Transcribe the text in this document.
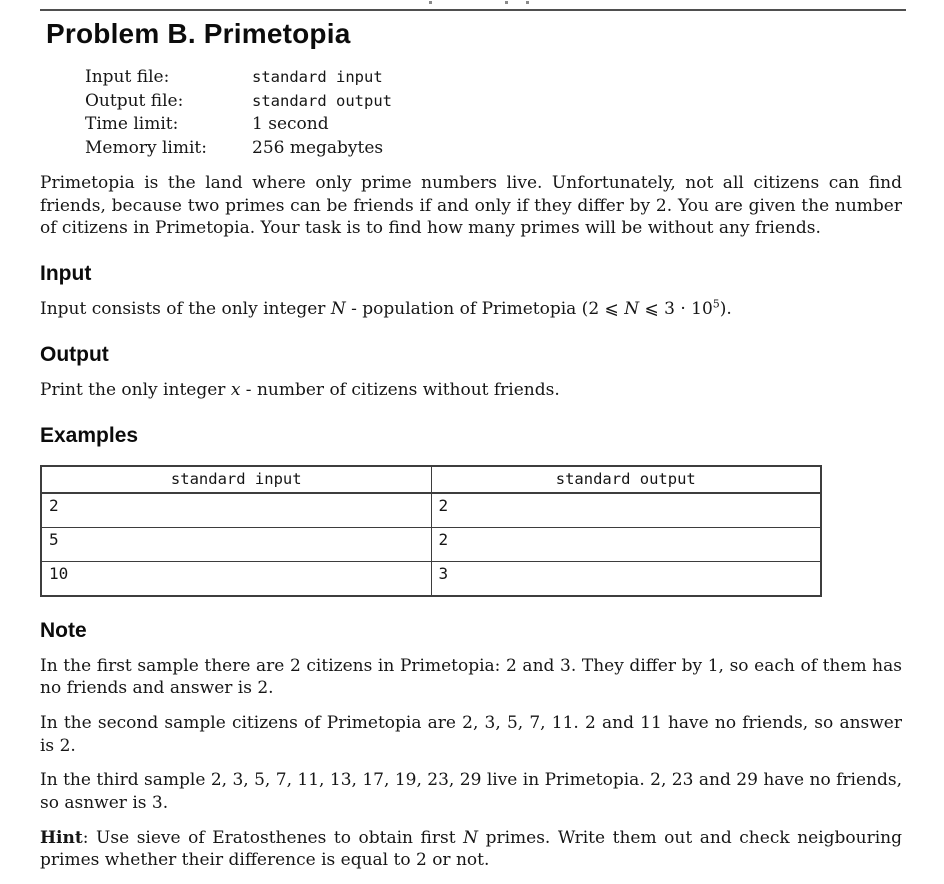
Problem B. Primetopia
Input file:	standard input
Output file:	standard output
Time limit:	1 second
Memory limit:	256 megabytes

Primetopia is the land where only prime numbers live. Unfortunately, not all citizens can find friends, because two primes can be friends if and only if they differ by 2. You are given the number of citizens in Primetopia. Your task is to find how many primes will be without any friends.

Input

Input consists of the only integer N - population of Primetopia (2 ⩽ N ⩽ $3 \cdot 10^5$).

Output

Print the only integer x - number of citizens without friends.

Examples
standard input	standard output
2	2
5	2
10	3
Note

In the first sample there are 2 citizens in Primetopia: 2 and 3. They differ by 1, so each of them has no friends and answer is 2.

In the second sample citizens of Primetopia are 2, 3, 5, 7, 11. 2 and 11 have no friends, so answer is 2.

In the third sample 2, 3, 5, 7, 11, 13, 17, 19, 23, 29 live in Primetopia. 2, 23 and 29 have no friends, so asnwer is 3.

Hint: Use sieve of Eratosthenes to obtain first N primes. Write them out and check neigbouring primes whether their difference is equal to 2 or not.
